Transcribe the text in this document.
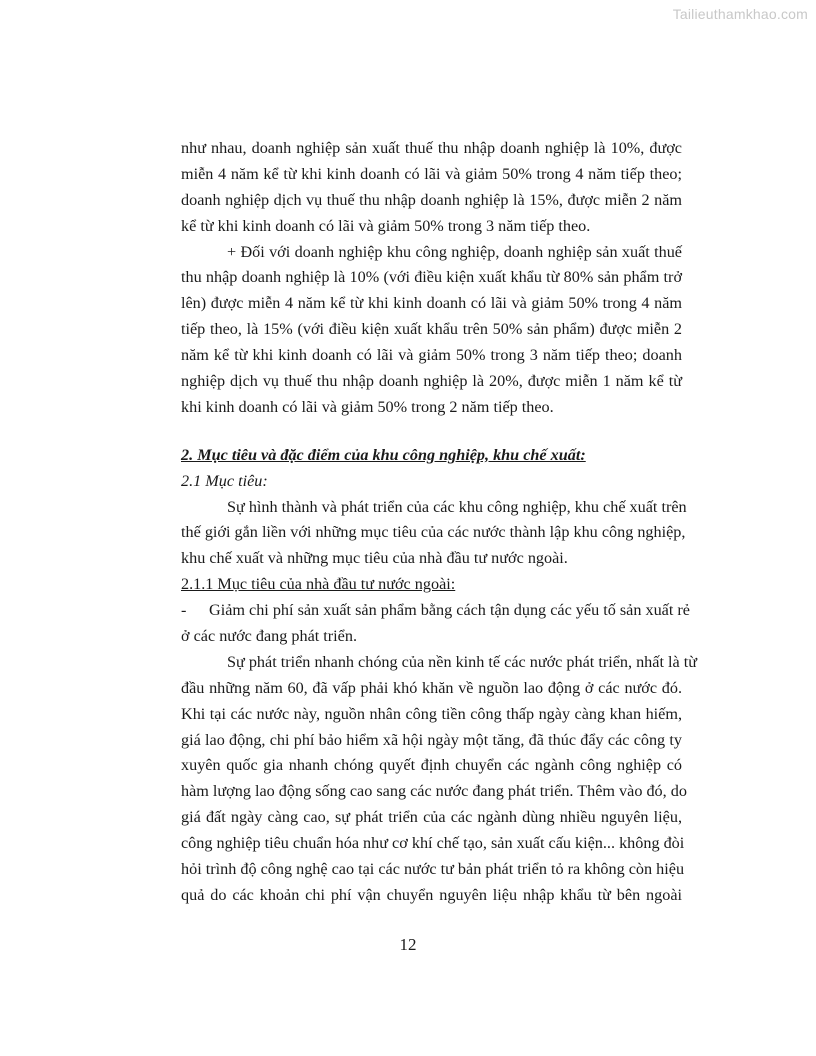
Tailieuthamkhao.com
như nhau, doanh nghiệp sản xuất thuế thu nhập doanh nghiệp là 10%, được
miễn 4 năm kể từ khi kinh doanh có lãi và giảm 50% trong 4 năm tiếp theo;
doanh nghiệp dịch vụ thuế thu nhập doanh nghiệp là 15%, được miễn 2 năm
kể từ khi kinh doanh có lãi và giảm 50% trong 3 năm tiếp theo.
+ Đối với doanh nghiệp khu công nghiệp, doanh nghiệp sản xuất thuế
thu nhập doanh nghiệp là 10% (với điều kiện xuất khẩu từ 80% sản phẩm trở
lên) được miễn 4 năm kể từ khi kinh doanh có lãi và giảm 50% trong 4 năm
tiếp theo, là 15% (với điều kiện xuất khẩu trên 50% sản phẩm) được miễn 2
năm kể từ khi kinh doanh có lãi và giảm 50% trong 3 năm tiếp theo; doanh
nghiệp dịch vụ thuế thu nhập doanh nghiệp là 20%, được miễn 1 năm kể từ
khi kinh doanh có lãi và giảm 50% trong 2 năm tiếp theo.
2. Mục tiêu và đặc điểm của khu công nghiệp, khu chế xuất:
2.1 Mục tiêu:
Sự hình thành và phát triển của các khu công nghiệp, khu chế xuất trên
thế giới gắn liền với những mục tiêu của các nước thành lập khu công nghiệp,
khu chế xuất và những mục tiêu của nhà đầu tư nước ngoài.
2.1.1 Mục tiêu của nhà đầu tư nước ngoài:
- Giảm chi phí sản xuất sản phẩm bằng cách tận dụng các yếu tố sản xuất rẻ
ở các nước đang phát triển.
Sự phát triển nhanh chóng của nền kinh tế các nước phát triển, nhất là từ
đầu những năm 60, đã vấp phải khó khăn về nguồn lao động ở các nước đó.
Khi tại các nước này, nguồn nhân công tiền công thấp ngày càng khan hiếm,
giá lao động, chi phí bảo hiểm xã hội ngày một tăng, đã thúc đẩy các công ty
xuyên quốc gia nhanh chóng quyết định chuyển các ngành công nghiệp có
hàm lượng lao động sống cao sang các nước đang phát triển. Thêm vào đó, do
giá đất ngày càng cao, sự phát triển của các ngành dùng nhiều nguyên liệu,
công nghiệp tiêu chuẩn hóa như cơ khí chế tạo, sản xuất cấu kiện... không đòi
hỏi trình độ công nghệ cao tại các nước tư bản phát triển tỏ ra không còn hiệu
quả do các khoản chi phí vận chuyển nguyên liệu nhập khẩu từ bên ngoài
12
